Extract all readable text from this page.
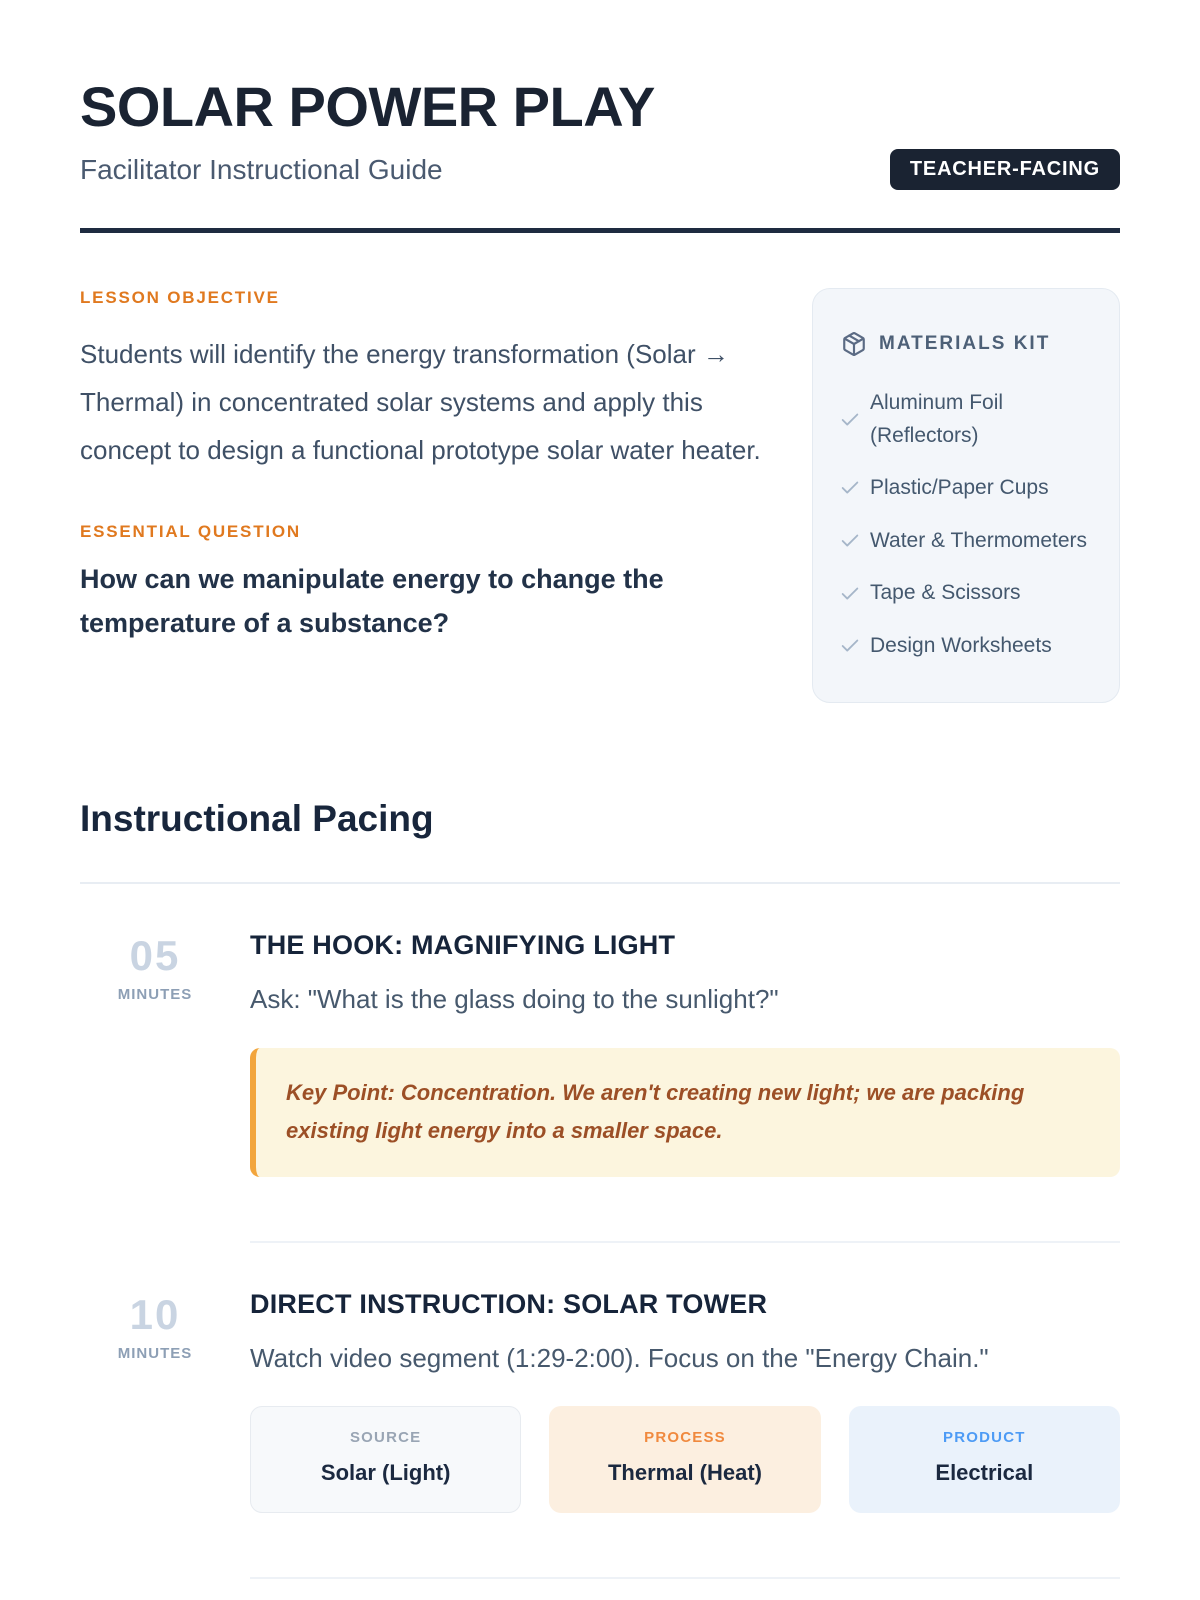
SOLAR POWER PLAY
Facilitator Instructional Guide	TEACHER-FACING
LESSON OBJECTIVE

Students will identify the energy transformation (Solar → Thermal) in concentrated solar systems and apply this concept to design a functional prototype solar water heater.

ESSENTIAL QUESTION

How can we manipulate energy to change the temperature of a substance?

MATERIALS KIT
Aluminum Foil (Reflectors)
Plastic/Paper Cups
Water & Thermometers
Tape & Scissors
Design Worksheets
Instructional Pacing
05
MINUTES
THE HOOK: MAGNIFYING LIGHT

Ask: "What is the glass doing to the sunlight?"

Key Point: Concentration. We aren't creating new light; we are packing existing light energy into a smaller space.

10
MINUTES
DIRECT INSTRUCTION: SOLAR TOWER

Watch video segment (1:29-2:00). Focus on the "Energy Chain."

SOURCE
Solar (Light)
PROCESS
Thermal (Heat)
PRODUCT
Electrical
